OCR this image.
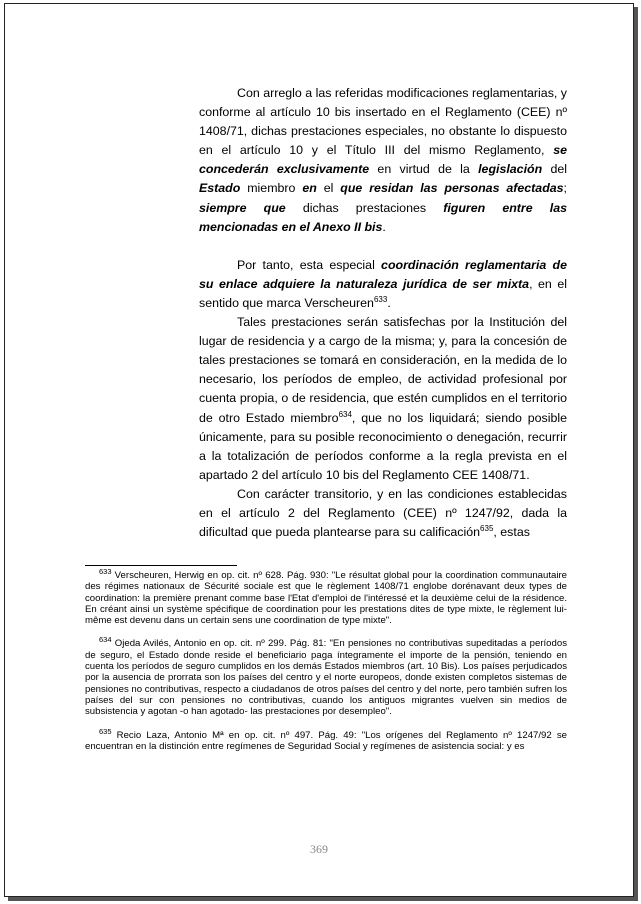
Con arreglo a las referidas modificaciones reglamentarias, y conforme al artículo 10 bis insertado en el Reglamento (CEE) nº 1408/71, dichas prestaciones especiales, no obstante lo dispuesto en el artículo 10 y el Título III del mismo Reglamento, se concederán exclusivamente en virtud de la legislación del Estado miembro en el que residan las personas afectadas; siempre que dichas prestaciones figuren entre las mencionadas en el Anexo II bis.

Por tanto, esta especial coordinación reglamentaria de su enlace adquiere la naturaleza jurídica de ser mixta, en el sentido que marca Verscheuren$^{633}$.

Tales prestaciones serán satisfechas por la Institución del lugar de residencia y a cargo de la misma; y, para la concesión de tales prestaciones se tomará en consideración, en la medida de lo necesario, los períodos de empleo, de actividad profesional por cuenta propia, o de residencia, que estén cumplidos en el territorio de otro Estado miembro$^{634}$, que no los liquidará; siendo posible únicamente, para su posible reconocimiento o denegación, recurrir a la totalización de períodos conforme a la regla prevista en el apartado 2 del artículo 10 bis del Reglamento CEE 1408/71.

Con carácter transitorio, y en las condiciones establecidas en el artículo 2 del Reglamento (CEE) nº 1247/92, dada la dificultad que pueda plantearse para su calificación$^{635}$, estas

$^{633}$ Verscheuren, Herwig en op. cit. nº 628. Pág. 930: "Le résultat global pour la coordination communautaire des régimes nationaux de Sécurité sociale est que le règlement 1408/71 englobe dorénavant deux types de coordination: la première prenant comme base l'Etat d'emploi de l'intéressé et la deuxième celui de la résidence. En créant ainsi un système spécifique de coordination pour les prestations dites de type mixte, le règlement lui-même est devenu dans un certain sens une coordination de type mixte".

$^{634}$ Ojeda Avilés, Antonio en op. cit. nº 299. Pág. 81: "En pensiones no contributivas supeditadas a períodos de seguro, el Estado donde reside el beneficiario paga íntegramente el importe de la pensión, teniendo en cuenta los períodos de seguro cumplidos en los demás Estados miembros (art. 10 Bis). Los países perjudicados por la ausencia de prorrata son los países del centro y el norte europeos, donde existen completos sistemas de pensiones no contributivas, respecto a ciudadanos de otros países del centro y del norte, pero también sufren los países del sur con pensiones no contributivas, cuando los antiguos migrantes vuelven sin medios de subsistencia y agotan -o han agotado- las prestaciones por desempleo".

$^{635}$ Recio Laza, Antonio Mª en op. cit. nº 497. Pág. 49: "Los orígenes del Reglamento nº 1247/92 se encuentran en la distinción entre regímenes de Seguridad Social y regímenes de asistencia social: y es

369
